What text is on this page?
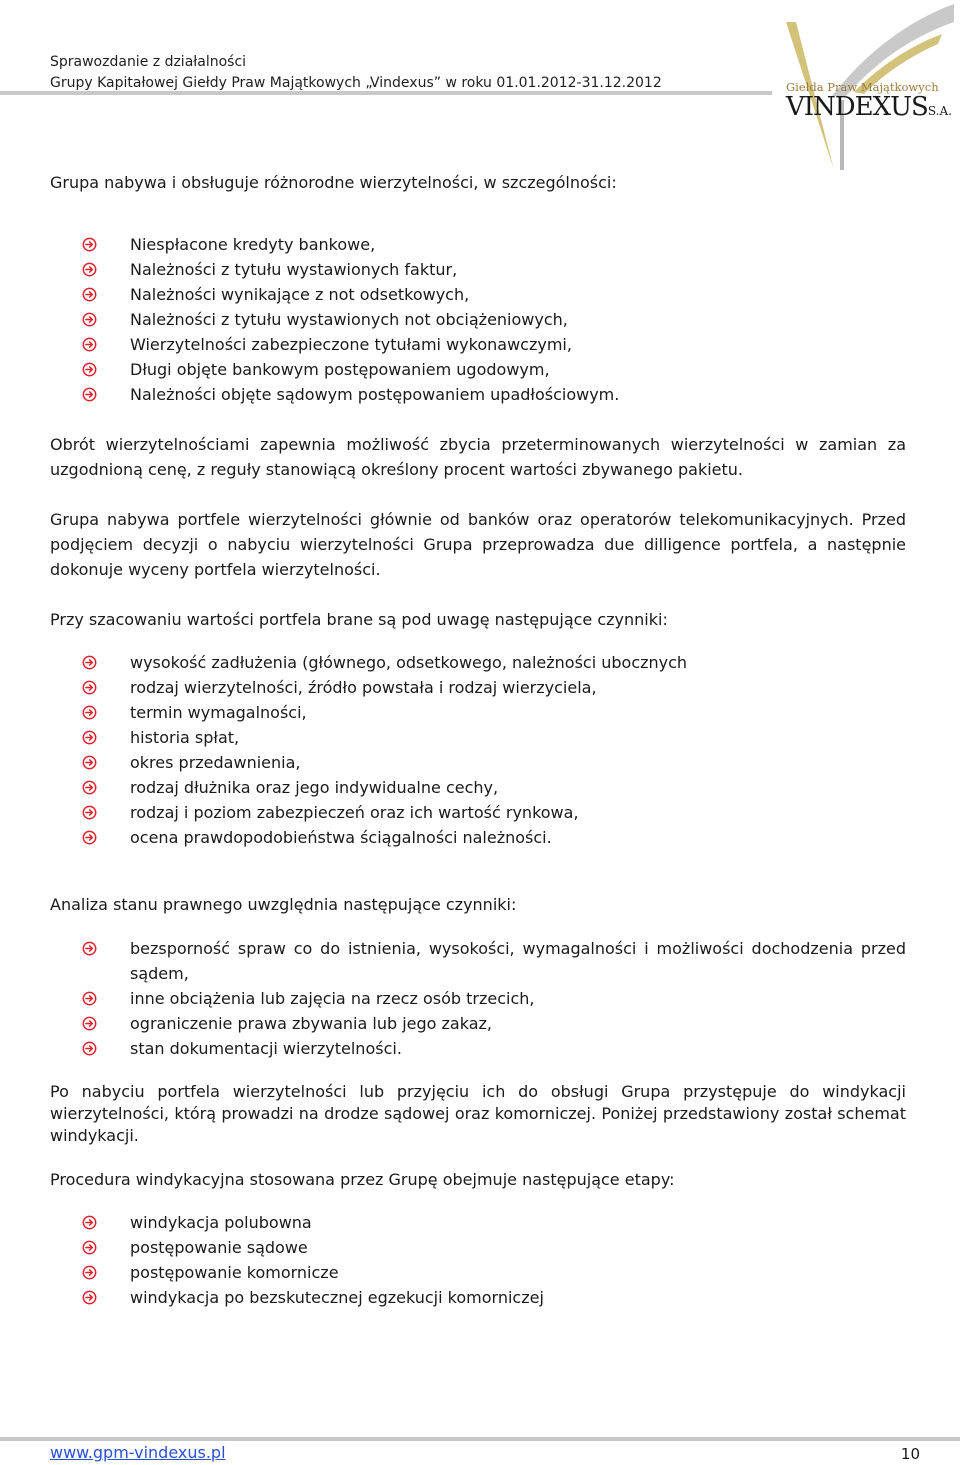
Sprawozdanie z działalności
Grupy Kapitałowej Giełdy Praw Majątkowych „Vindexus” w roku 01.01.2012-31.12.2012	Giełda Praw Majątkowych
VINDEXUSS.A.

Grupa nabywa i obsługuje różnorodne wierzytelności, w szczególności:

Niespłacone kredyty bankowe,
Należności z tytułu wystawionych faktur,
Należności wynikające z not odsetkowych,
Należności z tytułu wystawionych not obciążeniowych,
Wierzytelności zabezpieczone tytułami wykonawczymi,
Długi objęte bankowym postępowaniem ugodowym,
Należności objęte sądowym postępowaniem upadłościowym.

Obrót wierzytelnościami zapewnia możliwość zbycia przeterminowanych wierzytelności w zamian za uzgodnioną cenę, z reguły stanowiącą określony procent wartości zbywanego pakietu.

Grupa nabywa portfele wierzytelności głównie od banków oraz operatorów telekomunikacyjnych. Przed podjęciem decyzji o nabyciu wierzytelności Grupa przeprowadza due dilligence portfela, a następnie dokonuje wyceny portfela wierzytelności.

Przy szacowaniu wartości portfela brane są pod uwagę następujące czynniki:

wysokość zadłużenia (głównego, odsetkowego, należności ubocznych
rodzaj wierzytelności, źródło powstała i rodzaj wierzyciela,
termin wymagalności,
historia spłat,
okres przedawnienia,
rodzaj dłużnika oraz jego indywidualne cechy,
rodzaj i poziom zabezpieczeń oraz ich wartość rynkowa,
ocena prawdopodobieństwa ściągalności należności.

Analiza stanu prawnego uwzględnia następujące czynniki:

bezsporność spraw co do istnienia, wysokości, wymagalności i możliwości dochodzenia przed sądem,
inne obciążenia lub zajęcia na rzecz osób trzecich,
ograniczenie prawa zbywania lub jego zakaz,
stan dokumentacji wierzytelności.

Po nabyciu portfela wierzytelności lub przyjęciu ich do obsługi Grupa przystępuje do windykacji wierzytelności, którą prowadzi na drodze sądowej oraz komorniczej. Poniżej przedstawiony został schemat windykacji.

Procedura windykacyjna stosowana przez Grupę obejmuje następujące etapy:

windykacja polubowna
postępowanie sądowe
postępowanie komornicze
windykacja po bezskutecznej egzekucji komorniczej
www.gpm-vindexus.pl	10
